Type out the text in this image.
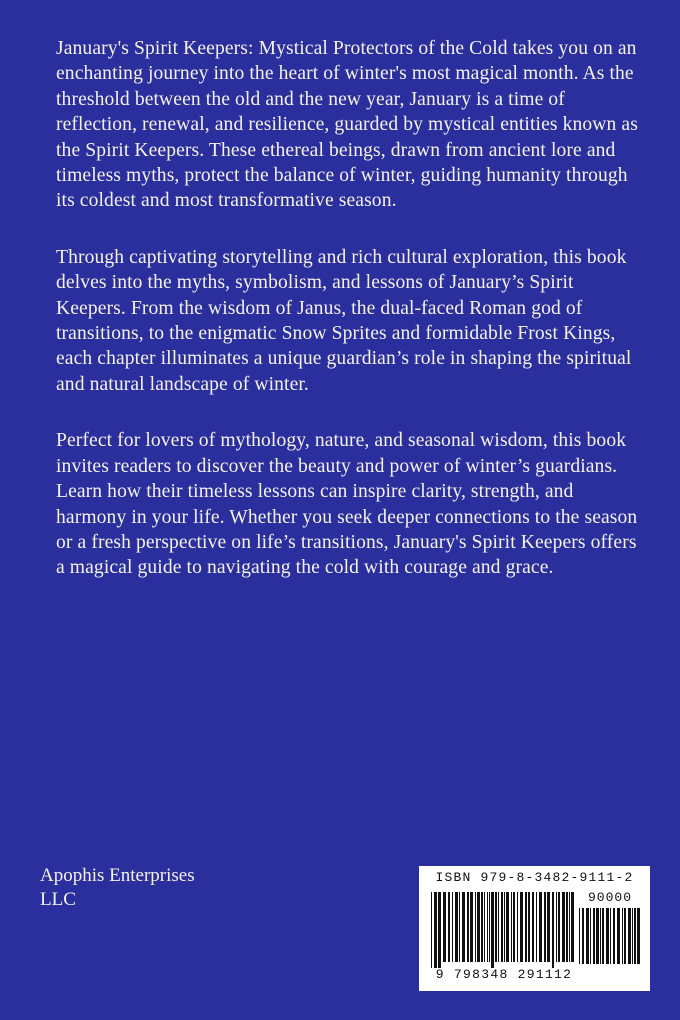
January's Spirit Keepers: Mystical Protectors of the Cold takes you on an enchanting journey into the heart of winter's most magical month. As the threshold between the old and the new year, January is a time of reflection, renewal, and resilience, guarded by mystical entities known as the Spirit Keepers. These ethereal beings, drawn from ancient lore and timeless myths, protect the balance of winter, guiding humanity through its coldest and most transformative season.

Through captivating storytelling and rich cultural exploration, this book delves into the myths, symbolism, and lessons of January’s Spirit Keepers. From the wisdom of Janus, the dual-faced Roman god of transitions, to the enigmatic Snow Sprites and formidable Frost Kings, each chapter illuminates a unique guardian’s role in shaping the spiritual and natural landscape of winter.

Perfect for lovers of mythology, nature, and seasonal wisdom, this book invites readers to discover the beauty and power of winter’s guardians. Learn how their timeless lessons can inspire clarity, strength, and harmony in your life. Whether you seek deeper connections to the season or a fresh perspective on life’s transitions, January's Spirit Keepers offers a magical guide to navigating the cold with courage and grace.

Apophis Enterprises
LLC
ISBN 979-8-3482-9111-2
90000
9 798348 291112
